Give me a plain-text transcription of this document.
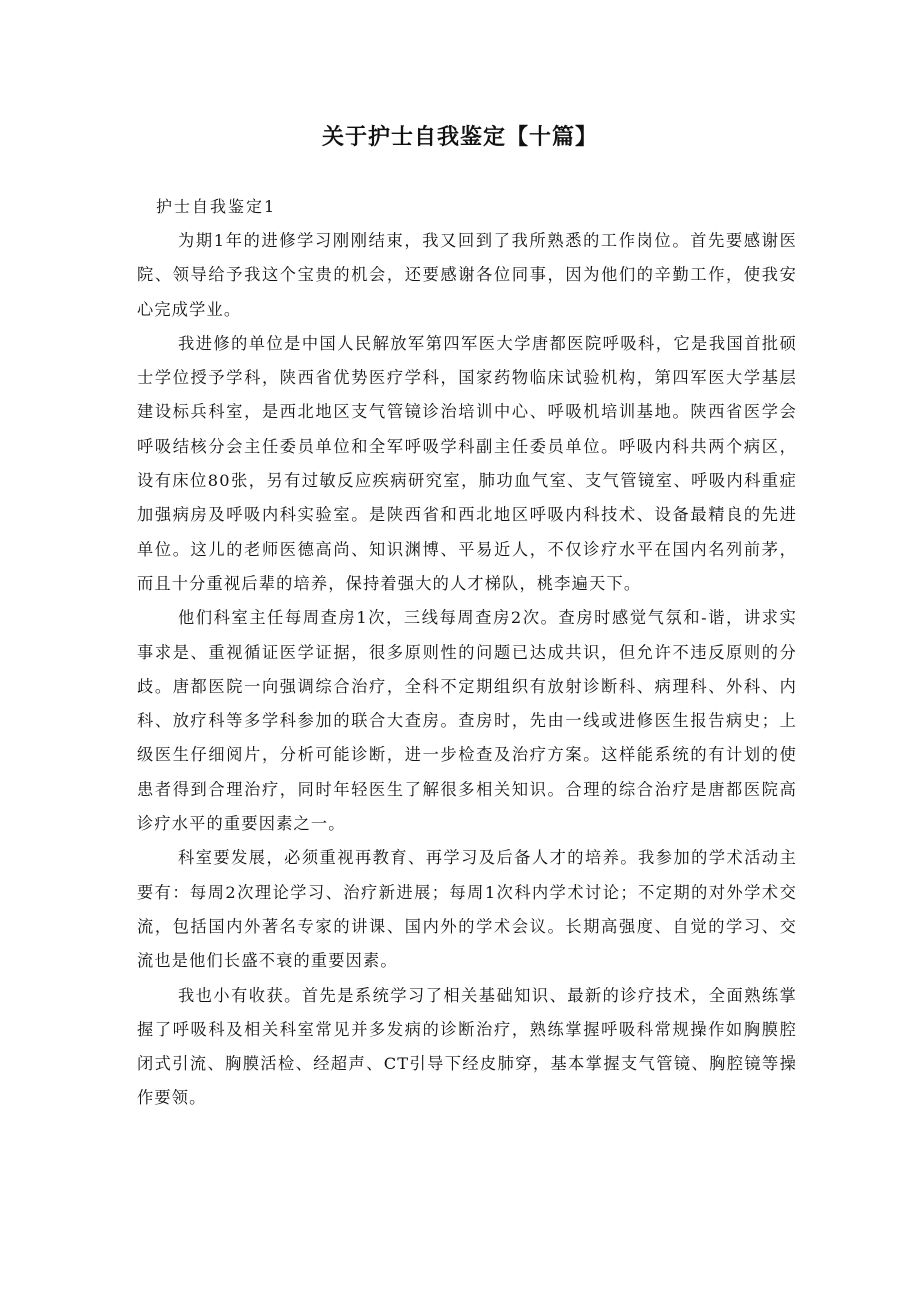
关于护士自我鉴定【十篇】
护士自我鉴定1

为期1年的进修学习刚刚结束，我又回到了我所熟悉的工作岗位。首先要感谢医院、领导给予我这个宝贵的机会，还要感谢各位同事，因为他们的辛勤工作，使我安心完成学业。

我进修的单位是中国人民解放军第四军医大学唐都医院呼吸科，它是我国首批硕士学位授予学科，陕西省优势医疗学科，国家药物临床试验机构，第四军医大学基层建设标兵科室，是西北地区支气管镜诊治培训中心、呼吸机培训基地。陕西省医学会呼吸结核分会主任委员单位和全军呼吸学科副主任委员单位。呼吸内科共两个病区，设有床位80张，另有过敏反应疾病研究室，肺功血气室、支气管镜室、呼吸内科重症加强病房及呼吸内科实验室。是陕西省和西北地区呼吸内科技术、设备最精良的先进单位。这儿的老师医德高尚、知识渊博、平易近人，不仅诊疗水平在国内名列前茅，而且十分重视后辈的培养，保持着强大的人才梯队，桃李遍天下。

他们科室主任每周查房1次，三线每周查房2次。查房时感觉气氛和-谐，讲求实事求是、重视循证医学证据，很多原则性的问题已达成共识，但允许不违反原则的分歧。唐都医院一向强调综合治疗，全科不定期组织有放射诊断科、病理科、外科、内科、放疗科等多学科参加的联合大查房。查房时，先由一线或进修医生报告病史；上级医生仔细阅片，分析可能诊断，进一步检查及治疗方案。这样能系统的有计划的使患者得到合理治疗，同时年轻医生了解很多相关知识。合理的综合治疗是唐都医院高诊疗水平的重要因素之一。

科室要发展，必须重视再教育、再学习及后备人才的培养。我参加的学术活动主要有：每周2次理论学习、治疗新进展；每周1次科内学术讨论；不定期的对外学术交流，包括国内外著名专家的讲课、国内外的学术会议。长期高强度、自觉的学习、交流也是他们长盛不衰的重要因素。

我也小有收获。首先是系统学习了相关基础知识、最新的诊疗技术，全面熟练掌握了呼吸科及相关科室常见并多发病的诊断治疗，熟练掌握呼吸科常规操作如胸膜腔闭式引流、胸膜活检、经超声、CT引导下经皮肺穿，基本掌握支气管镜、胸腔镜等操作要领。
